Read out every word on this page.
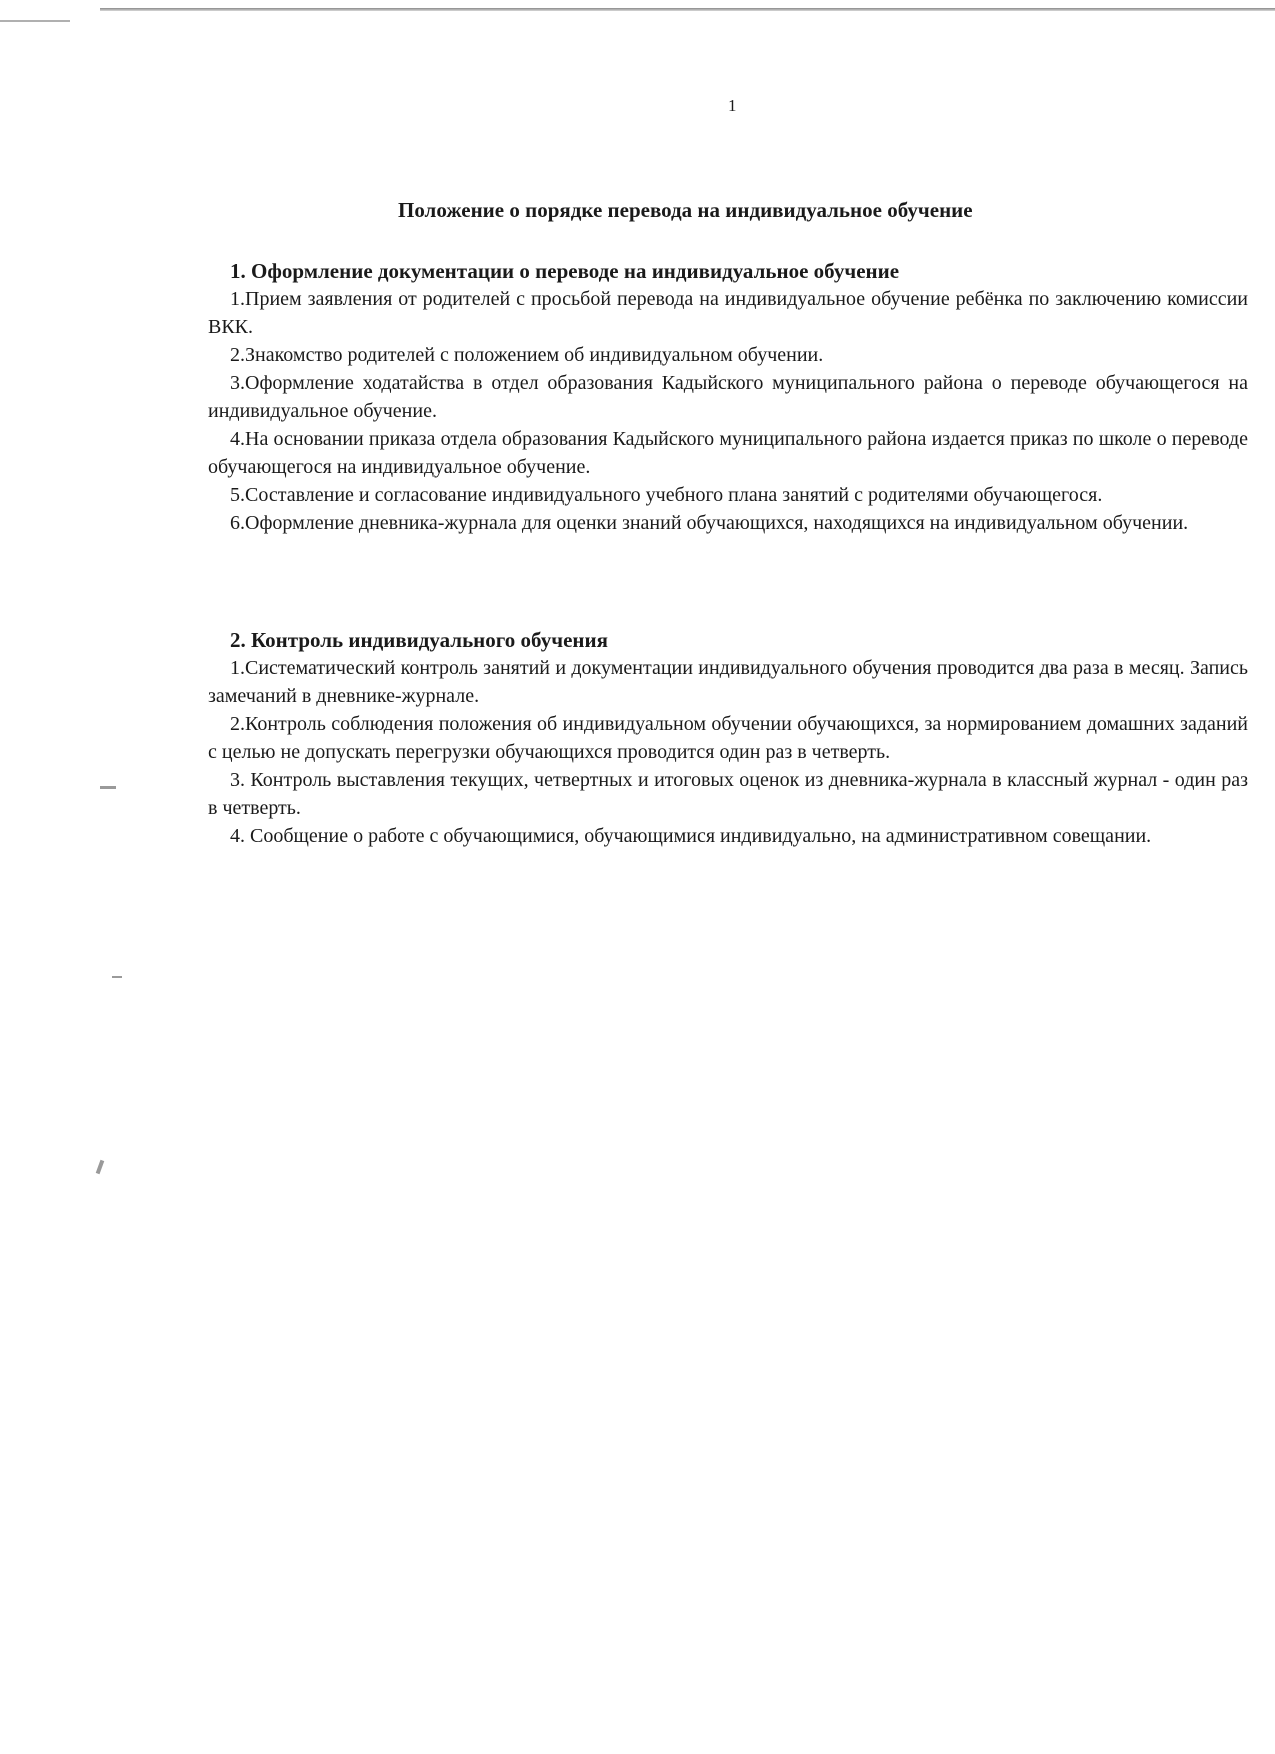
1
Положение о порядке перевода на индивидуальное обучение
1. Оформление документации о переводе на индивидуальное обучение

1.Прием заявления от родителей с просьбой перевода на индивидуальное обучение ребёнка по заключению комиссии ВКК.

2.Знакомство родителей с положением об индивидуальном обучении.

3.Оформление ходатайства в отдел образования Кадыйского муниципального района о переводе обучающегося на индивидуальное обучение.

4.На основании приказа отдела образования Кадыйского муниципального района издается приказ по школе о переводе обучающегося на индивидуальное обучение.

5.Составление и согласование индивидуального учебного плана занятий с родителями обучающегося.

6.Оформление дневника-журнала для оценки знаний обучающихся, находящихся на индивидуальном обучении.

2. Контроль индивидуального обучения

1.Систематический контроль занятий и документации индивидуального обучения проводится два раза в месяц. Запись замечаний в дневнике-журнале.

2.Контроль соблюдения положения об индивидуальном обучении обучающихся, за нормированием домашних заданий с целью не допускать перегрузки обучающихся проводится один раз в четверть.

3. Контроль выставления текущих, четвертных и итоговых оценок из дневника-журнала в классный журнал - один раз в четверть.

4. Сообщение о работе с обучающимися, обучающимися индивидуально, на административном совещании.
